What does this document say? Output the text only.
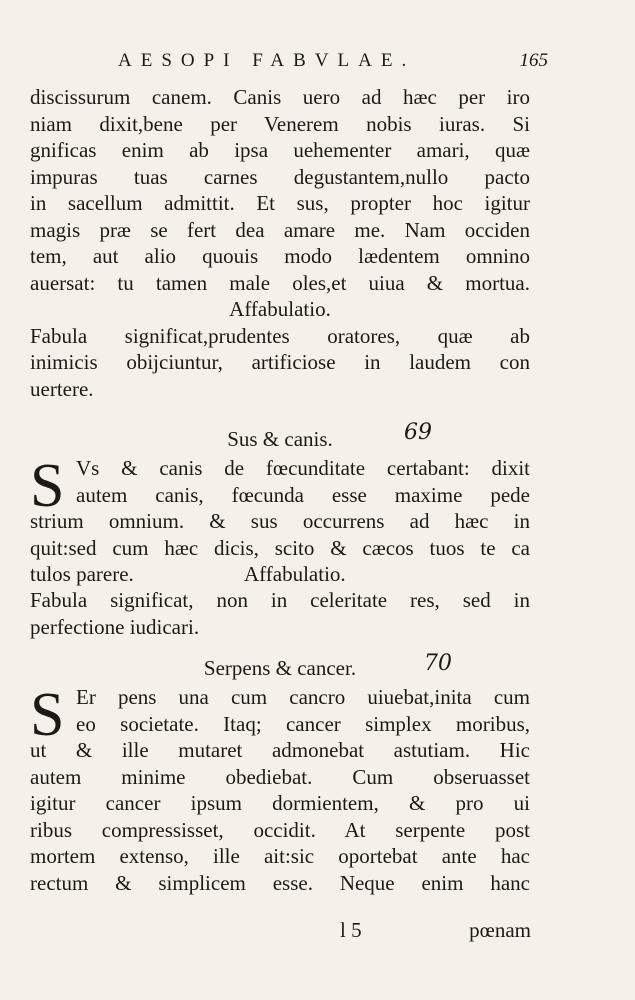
AESOPI FABVLAE.	165
discissurum canem. Canis uero ad hæc per iro
niam dixit,bene per Venerem nobis iuras. Si
gnificas enim ab ipsa uehementer amari, quæ
impuras tuas carnes degustantem,nullo pacto
in sacellum admittit. Et sus, propter hoc igitur
magis præ se fert dea amare me. Nam occiden
tem, aut alio quouis modo lædentem omnino
auersat: tu tamen male oles,et uiua & mortua.
Affabulatio.
Fabula significat,prudentes oratores, quæ ab
inimicis obijciuntur, artificiose in laudem con
uertere.
Sus & canis.	69
S Vs & canis de fœcunditate certabant: dixit
autem canis, fœcunda esse maxime pede
strium omnium. & sus occurrens ad hæc in
quit:sed cum hæc dicis, scito & cæcos tuos te ca
tulos parere.	Affabulatio.
Fabula significat, non in celeritate res, sed in
perfectione iudicari.
Serpens & cancer.	70
S Er pens una cum cancro uiuebat,inita cum
eo societate. Itaq; cancer simplex moribus,
ut & ille mutaret admonebat astutiam. Hic
autem minime obediebat. Cum obseruasset
igitur cancer ipsum dormientem, & pro ui
ribus compressisset, occidit. At serpente post
mortem extenso, ille ait:sic oportebat ante hac
rectum & simplicem esse. Neque enim hanc
l 5	pœnam
